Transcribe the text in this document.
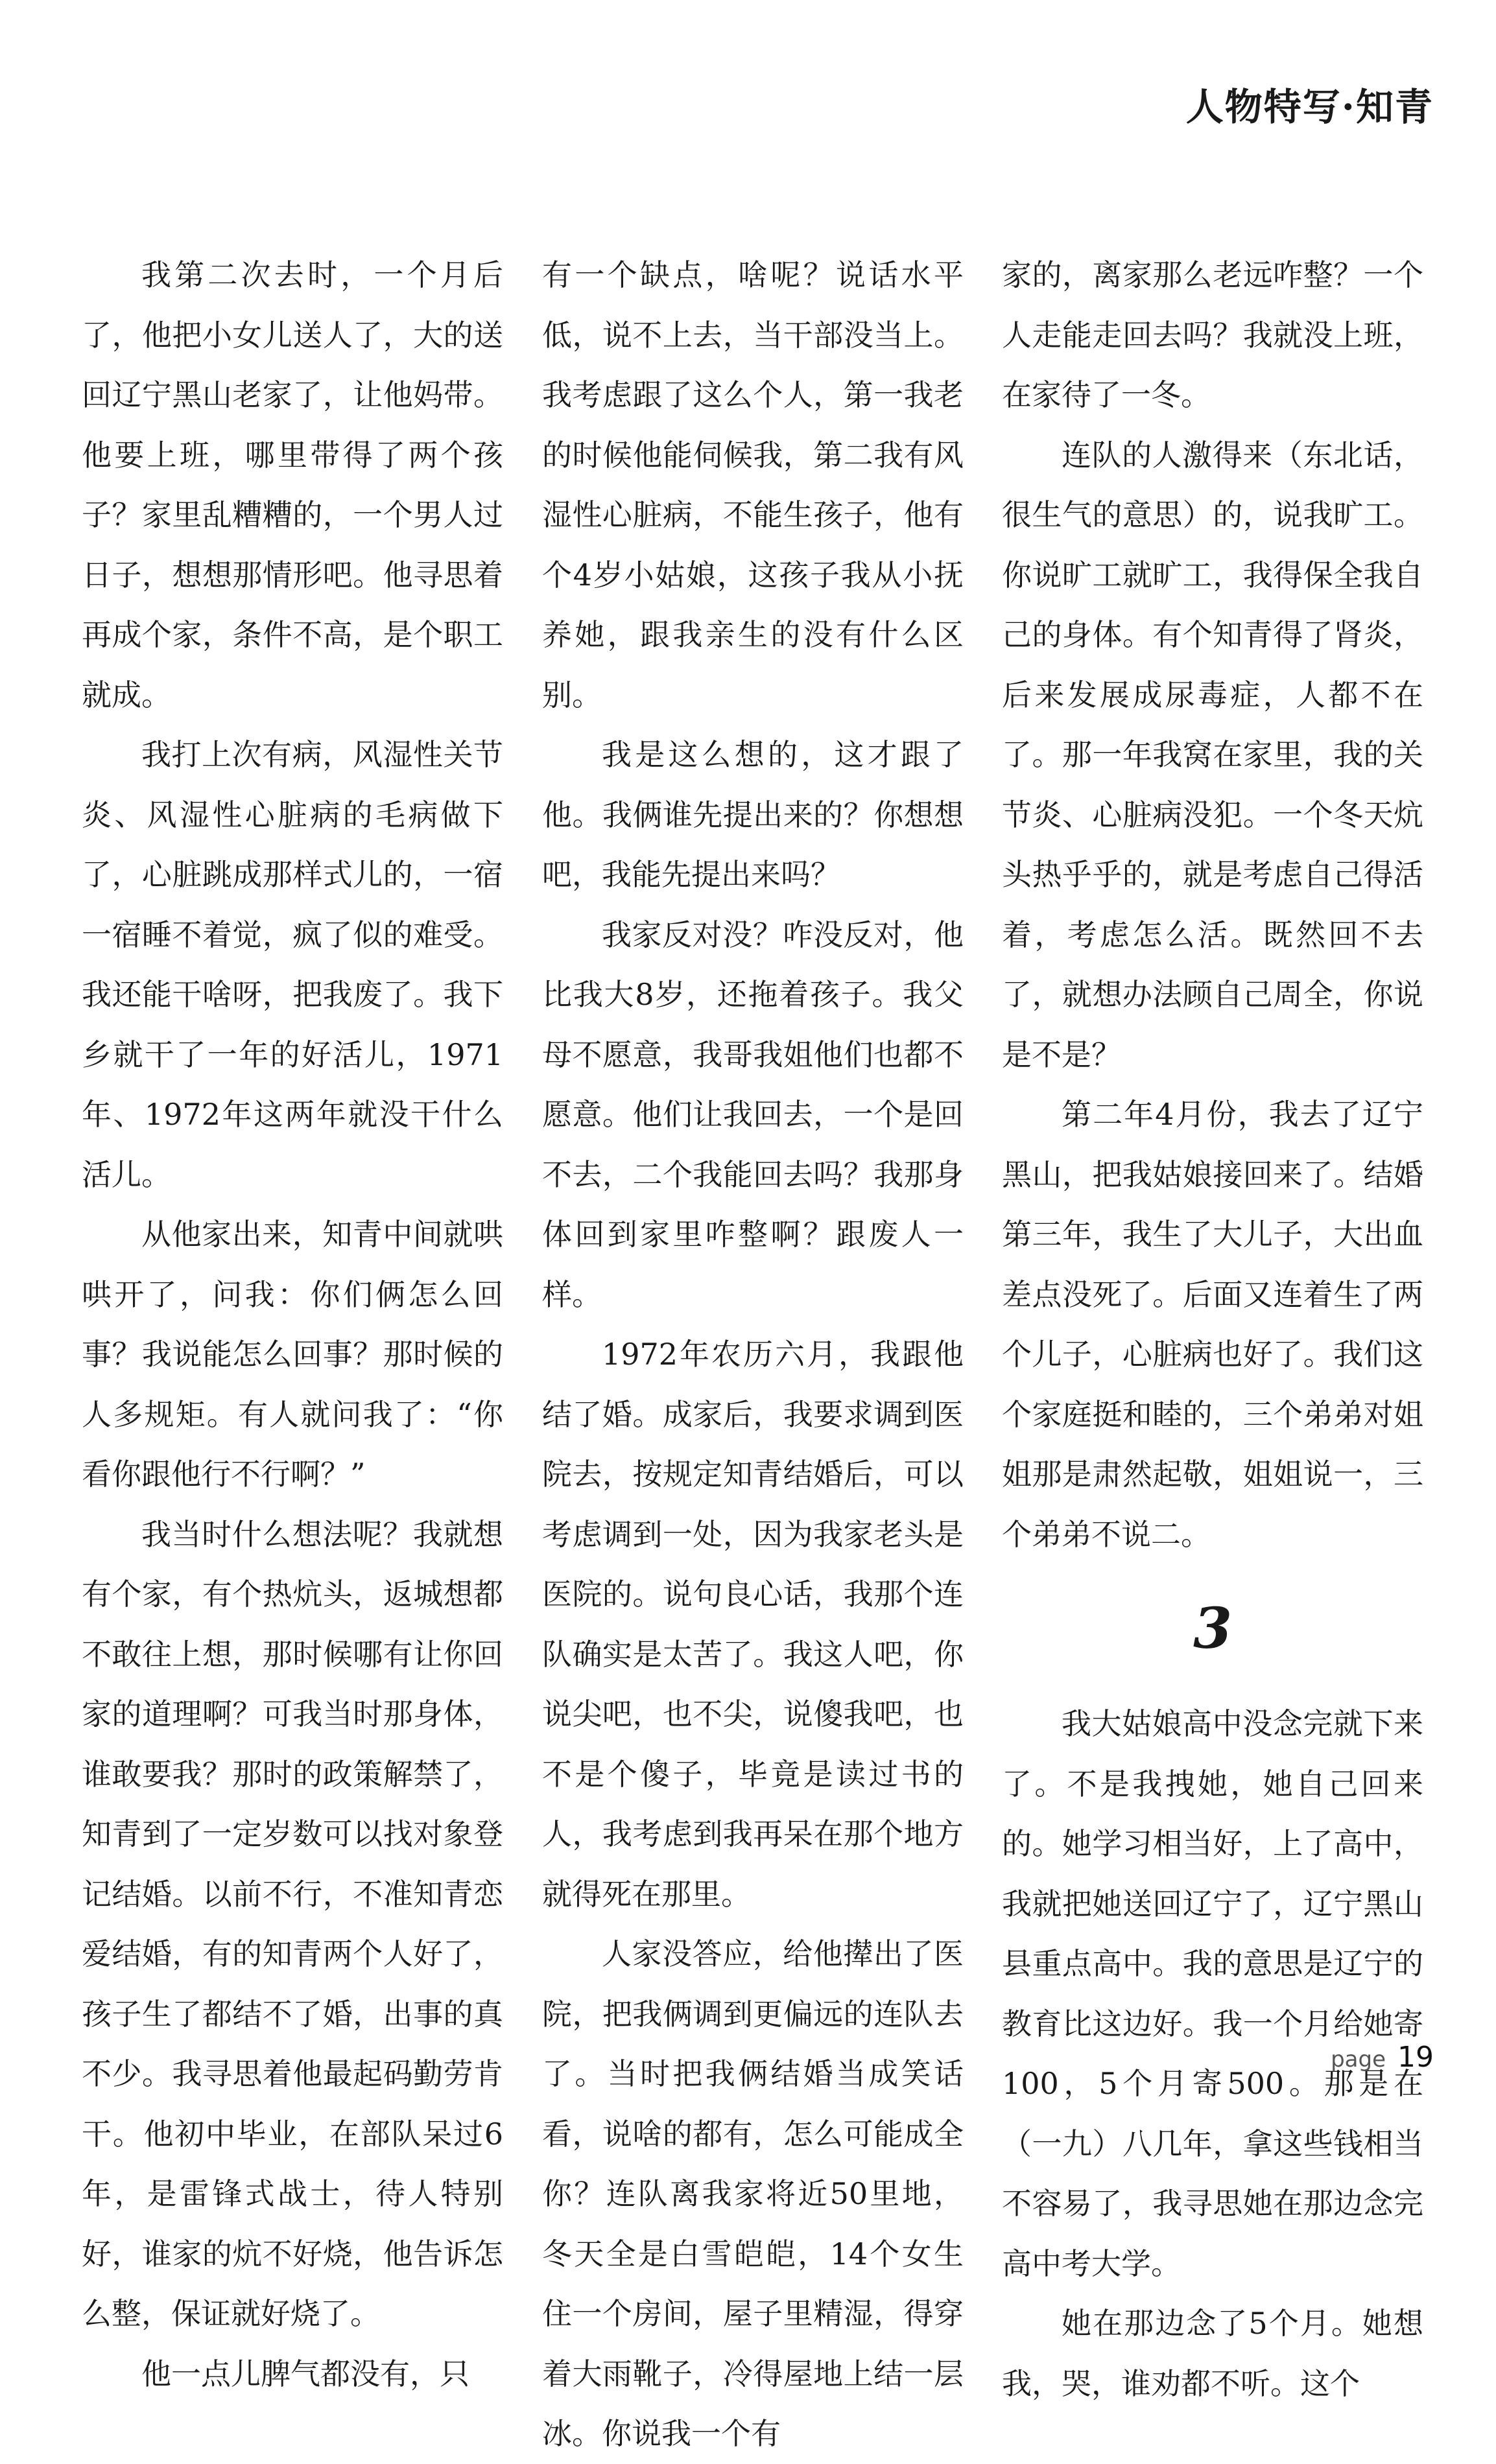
人物特写·知青

我第二次去时，一个月后了，他把小女儿送人了，大的送回辽宁黑山老家了，让他妈带。他要上班，哪里带得了两个孩子？家里乱糟糟的，一个男人过日子，想想那情形吧。他寻思着再成个家，条件不高，是个职工就成。

我打上次有病，风湿性关节炎、风湿性心脏病的毛病做下了，心脏跳成那样式儿的，一宿一宿睡不着觉，疯了似的难受。我还能干啥呀，把我废了。我下乡就干了一年的好活儿，1971年、1972年这两年就没干什么活儿。

从他家出来，知青中间就哄哄开了，问我：你们俩怎么回事？我说能怎么回事？那时候的人多规矩。有人就问我了：“你看你跟他行不行啊？”

我当时什么想法呢？我就想有个家，有个热炕头，返城想都不敢往上想，那时候哪有让你回家的道理啊？可我当时那身体，谁敢要我？那时的政策解禁了，知青到了一定岁数可以找对象登记结婚。以前不行，不准知青恋爱结婚，有的知青两个人好了，孩子生了都结不了婚，出事的真不少。我寻思着他最起码勤劳肯干。他初中毕业，在部队呆过6年，是雷锋式战士，待人特别好，谁家的炕不好烧，他告诉怎么整，保证就好烧了。

他一点儿脾气都没有，只

有一个缺点，啥呢？说话水平低，说不上去，当干部没当上。我考虑跟了这么个人，第一我老的时候他能伺候我，第二我有风湿性心脏病，不能生孩子，他有个4岁小姑娘，这孩子我从小抚养她，跟我亲生的没有什么区别。

我是这么想的，这才跟了他。我俩谁先提出来的？你想想吧，我能先提出来吗？

我家反对没？咋没反对，他比我大8岁，还拖着孩子。我父母不愿意，我哥我姐他们也都不愿意。他们让我回去，一个是回不去，二个我能回去吗？我那身体回到家里咋整啊？跟废人一样。

1972年农历六月，我跟他结了婚。成家后，我要求调到医院去，按规定知青结婚后，可以考虑调到一处，因为我家老头是医院的。说句良心话，我那个连队确实是太苦了。我这人吧，你说尖吧，也不尖，说傻我吧，也不是个傻子，毕竟是读过书的人，我考虑到我再呆在那个地方就得死在那里。

人家没答应，给他撵出了医院，把我俩调到更偏远的连队去了。当时把我俩结婚当成笑话看，说啥的都有，怎么可能成全你？连队离我家将近50里地，冬天全是白雪皑皑，14个女生住一个房间，屋子里精湿，得穿着大雨靴子，冷得屋地上结一层冰。你说我一个有

家的，离家那么老远咋整？一个人走能走回去吗？我就没上班，在家待了一冬。

连队的人激得来（东北话，很生气的意思）的，说我旷工。你说旷工就旷工，我得保全我自己的身体。有个知青得了肾炎，后来发展成尿毒症，人都不在了。那一年我窝在家里，我的关节炎、心脏病没犯。一个冬天炕头热乎乎的，就是考虑自己得活着，考虑怎么活。既然回不去了，就想办法顾自己周全，你说是不是？

第二年4月份，我去了辽宁黑山，把我姑娘接回来了。结婚第三年，我生了大儿子，大出血差点没死了。后面又连着生了两个儿子，心脏病也好了。我们这个家庭挺和睦的，三个弟弟对姐姐那是肃然起敬，姐姐说一，三个弟弟不说二。

3

我大姑娘高中没念完就下来了。不是我拽她，她自己回来的。她学习相当好，上了高中，我就把她送回辽宁了，辽宁黑山县重点高中。我的意思是辽宁的教育比这边好。我一个月给她寄100，5个月寄500。那是在（一九）八几年，拿这些钱相当不容易了，我寻思她在那边念完高中考大学。

她在那边念了5个月。她想我，哭，谁劝都不听。这个

page 19
